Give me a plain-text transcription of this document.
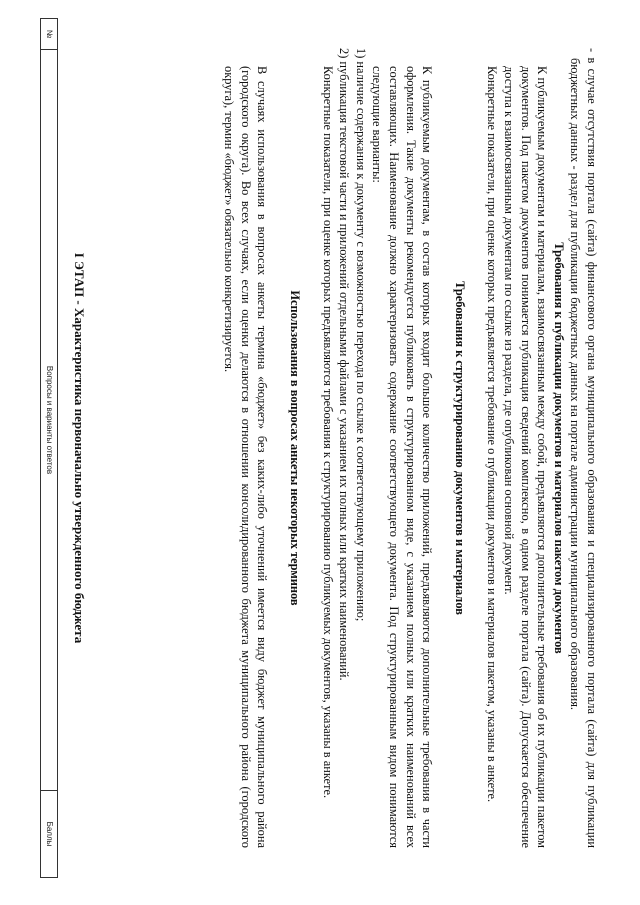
- в случае отсутствия портала (сайта) финансового органа муниципального образования и специализированного портала (сайта) для публикации бюджетных данных - раздел для публикации бюджетных данных на портале администрации муниципального образования.

Требования к публикации документов и материалов пакетом документов

К публикуемым документам и материалам, взаимосвязанным между собой, предъявляются дополнительные требования об их публикации пакетом документов. Под пакетом документов понимается публикация сведений комплексно, в одном разделе портала (сайта). Допускается обеспечение доступа к взаимосвязанным документам по ссылке из раздела, где опубликован основной документ.

Конкретные показатели, при оценке которых предъявляется требование о публикации документов и материалов пакетом, указаны в анкете.

Требования к структурированию документов и материалов

К публикуемым документам, в состав которых входит большое количество приложений, предъявляются дополнительные требования в части оформления. Такие документы рекомендуется публиковать в структурированном виде, с указанием полных или кратких наименований всех составляющих. Наименование должно характеризовать содержание соответствующего документа. Под структурированным видом понимаются следующие варианты:

1) наличие содержания к документу с возможностью перехода по ссылке к соответствующему приложению;

2) публикация текстовой части и приложений отдельными файлами с указанием их полных или кратких наименований.

Конкретные показатели, при оценке которых предъявляются требования к структурированию публикуемых документов, указаны в анкете.

Использования в вопросах анкеты некоторых терминов

В случаях использования в вопросах анкеты термина «бюджет» без каких-либо уточнений имеется виду бюджет муниципального района (городского округа). Во всех случаях, если оценки делаются в отношении консолидированного бюджета муниципального района (городского округа), термин «бюджет» обязательно конкретизируется.

I ЭТАП - Характеристика первоначально утвержденного бюджета
№
Вопросы и варианты ответов
Баллы
